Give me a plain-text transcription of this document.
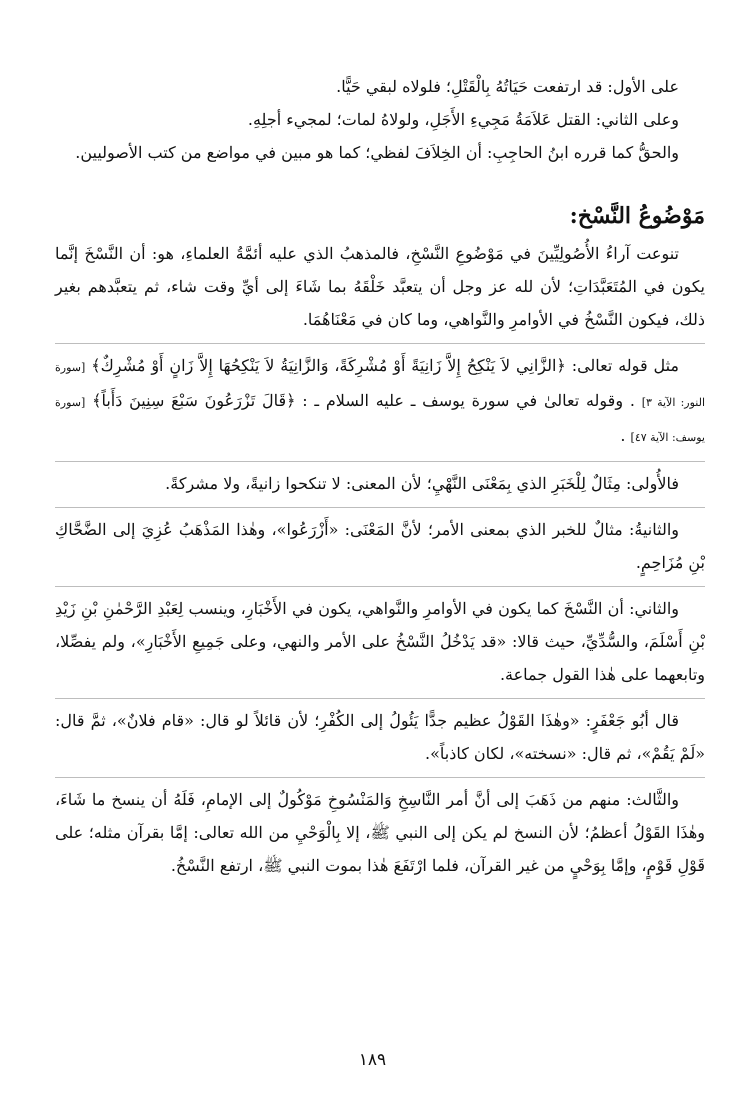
على الأول: قد ارتفعت حَيَاتُهُ بِالْقَتْلِ؛ فلولاه لبقي حَيًّا.

وعلى الثاني: القتل عَلاَمَةُ مَجِيءِ الأَجَلِ، ولولاهُ لمات؛ لمجيء أجلِهِ.

والحقُّ كما قرره ابنُ الحاجِبِ: أن الخِلاَفَ لفظي؛ كما هو مبين في مواضع من كتب الأصوليين.

مَوْضُوعُ النَّسْخ:

تنوعت آراءُ الأُصُولِيِّينَ في مَوْضُوعِ النَّسْخِ، فالمذهبُ الذي عليه أئمَّةُ العلماءِ، هو: أن النَّسْخَ إنَّما يكون في المُتَعَبَّدَاتِ؛ لأن لله عز وجل أن يتعبَّد خَلْقَهُ بما شَاءَ إلى أيِّ وقت شاء، ثم يتعبَّدهم بغير ذلك، فيكون النَّسْخُ في الأوامرِ والنَّواهي، وما كان في مَعْنَاهُمَا.

مثل قوله تعالى: ﴿الزَّانِي لاَ يَنْكِحُ إِلاَّ زَانِيَةً أَوْ مُشْرِكَةً، وَالزَّانِيَةُ لاَ يَنْكِحُهَا إِلاَّ زَانٍ أَوْ مُشْرِكٌ﴾ [سورة النور: الآية ٣] . وقوله تعالىٰ في سورة يوسف ـ عليه السلام ـ : ﴿قَالَ تَزْرَعُونَ سَبْعَ سِنِينَ دَأَباً﴾ [سورة يوسف: الآية ٤٧] .

فالأُولى: مِثَالٌ لِلْخَبَرِ الذي بِمَعْنَى النَّهْيِ؛ لأن المعنى: لا تنكحوا زانيةً، ولا مشركةً.

والثانيةُ: مثالٌ للخبر الذي بمعنى الأمر؛ لأنَّ المَعْنَى: «أَزْرَعُوا»، وهٰذا المَذْهَبُ عُزِيَ إلى الضَّحَّاكِ بْنِ مُزَاحِمٍ.

والثاني: أن النَّسْخَ كما يكون في الأوامرِ والنَّواهي، يكون في الأَخْبَارِ، وينسب لِعَبْدِ الرَّحْمٰنِ بْنِ زَيْدِ بْنِ أَسْلَمَ، والسُّدِّيِّ، حيث قالا: «قد يَدْخُلُ النَّسْخُ على الأمر والنهي، وعلى جَمِيعِ الأَخْبَارِ»، ولم يفصِّلا، وتابعهما على هٰذا القول جماعة.

قال أبُو جَعْفَرٍ: «وهٰذَا القَوْلُ عظيم جدًّا يَئُولُ إلى الكُفْرِ؛ لأن قائلاً لو قال: «قام فلانٌ»، ثمَّ قال: «لَمْ يَقُمْ»، ثم قال: «نسخته»، لكان كاذباً».

والثَّالث: منهم من ذَهَبَ إلى أنَّ أمر النَّاسِخِ وَالمَنْسُوخِ مَوْكُولٌ إلى الإمامِ، فَلَهُ أن ينسخ ما شَاءَ، وهٰذَا القَوْلُ أعظمُ؛ لأن النسخ لم يكن إلى النبي ﷺ، إلا بِالْوَحْيِ من الله تعالى: إمَّا بقرآن مثله؛ على قَوْلِ قَوْمٍ، وإمَّا بِوَحْيٍ من غير القرآن، فلما ارْتَفَعَ هٰذا بموت النبي ﷺ، ارتفع النَّسْخُ.

١٨٩
